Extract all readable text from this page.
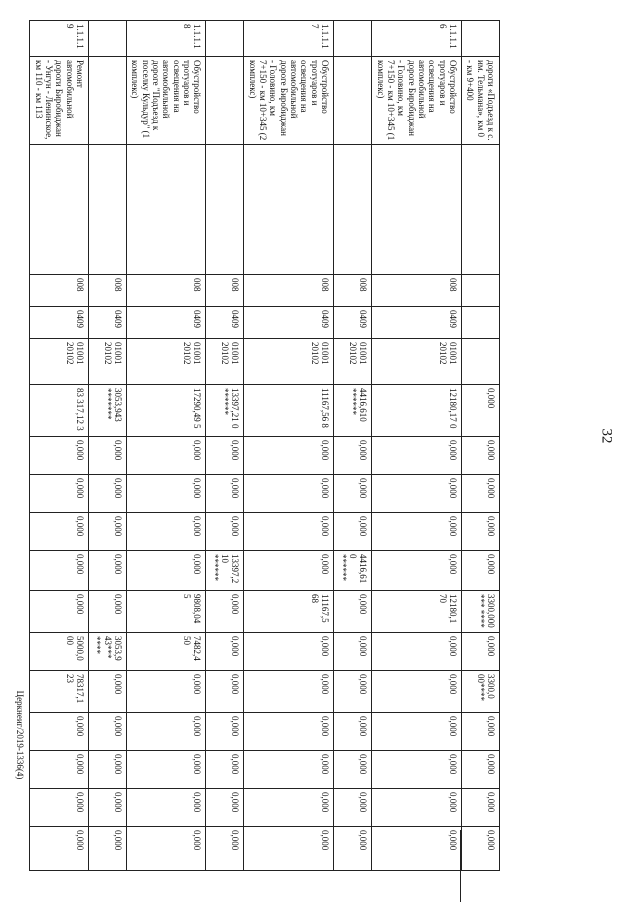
32
Церкнеиг/2019-1336(4)
	дороги «Подъезд к с. им. Тельмана», км 0 - км 9+400					0,000	0,000	0,000	0,000	0,000	3300,000*** ****	0,000	3300,0 00****	0,000	0,000	0,000	0,000
1.1.1.16	Обустройство тротуаров и освещения на автомобильной дороге Биробиджан - Головино, км 7+150 - км 10+345 (1 комплекс)		008	0409	01001 20102	12180,17 0	0,000	0,000	0,000	0,000	12180,1 70	0,000	0,000	0,000	0,000	0,000	0,000
			008	0409	01001 20102	4416,610 ******	0,000	0,000	0,000	4416,61 0 ******	0,000	0,000	0,000	0,000	0,000	0,000	0,000
1.1.1.17	Обустройство тротуаров и освещения на автомобильной дороге Биробиджан - Головино, км 7+150 - км 10+345 (2 комплекс)		008	0409	01001 20102	11167,56 8	0,000	0,000	0,000	0,000	11167,5 68	0,000	0,000	0,000	0,000	0,000	0,000
			008	0409	01001 20102	13397,21 0 ******	0,000	0,000	0,000	13397,2 10 ******	0,000	0,000	0,000	0,000	0,000	0,000	0,000
1.1.1.18	Обустройство тротуаров и освещения на автомобильной дороге "Подъезд к поселку Кульдур" (1 комплекс)		008	0409	01001 20102	17290,49 5	0,000	0,000	0,000	0,000	9808,04 5	7482,4 50	0,000	0,000	0,000	0,000	0,000
			008	0409	01001 20102	3053,943 *******	0,000	0,000	0,000	0,000	0,000	3053,9 43*** ****	0,000	0,000	0,000	0,000	0,000
1.1.1.19	Ремонт автомобильной дороги Биробиджан - Унгун - Ленинское, км 110 - км 113		008	0409	01001 20102	83 317,12 3	0,000	0,000	0,000	0,000	0,000	5000,0 00	78317,1 23	0,000	0,000	0,000	0,000
